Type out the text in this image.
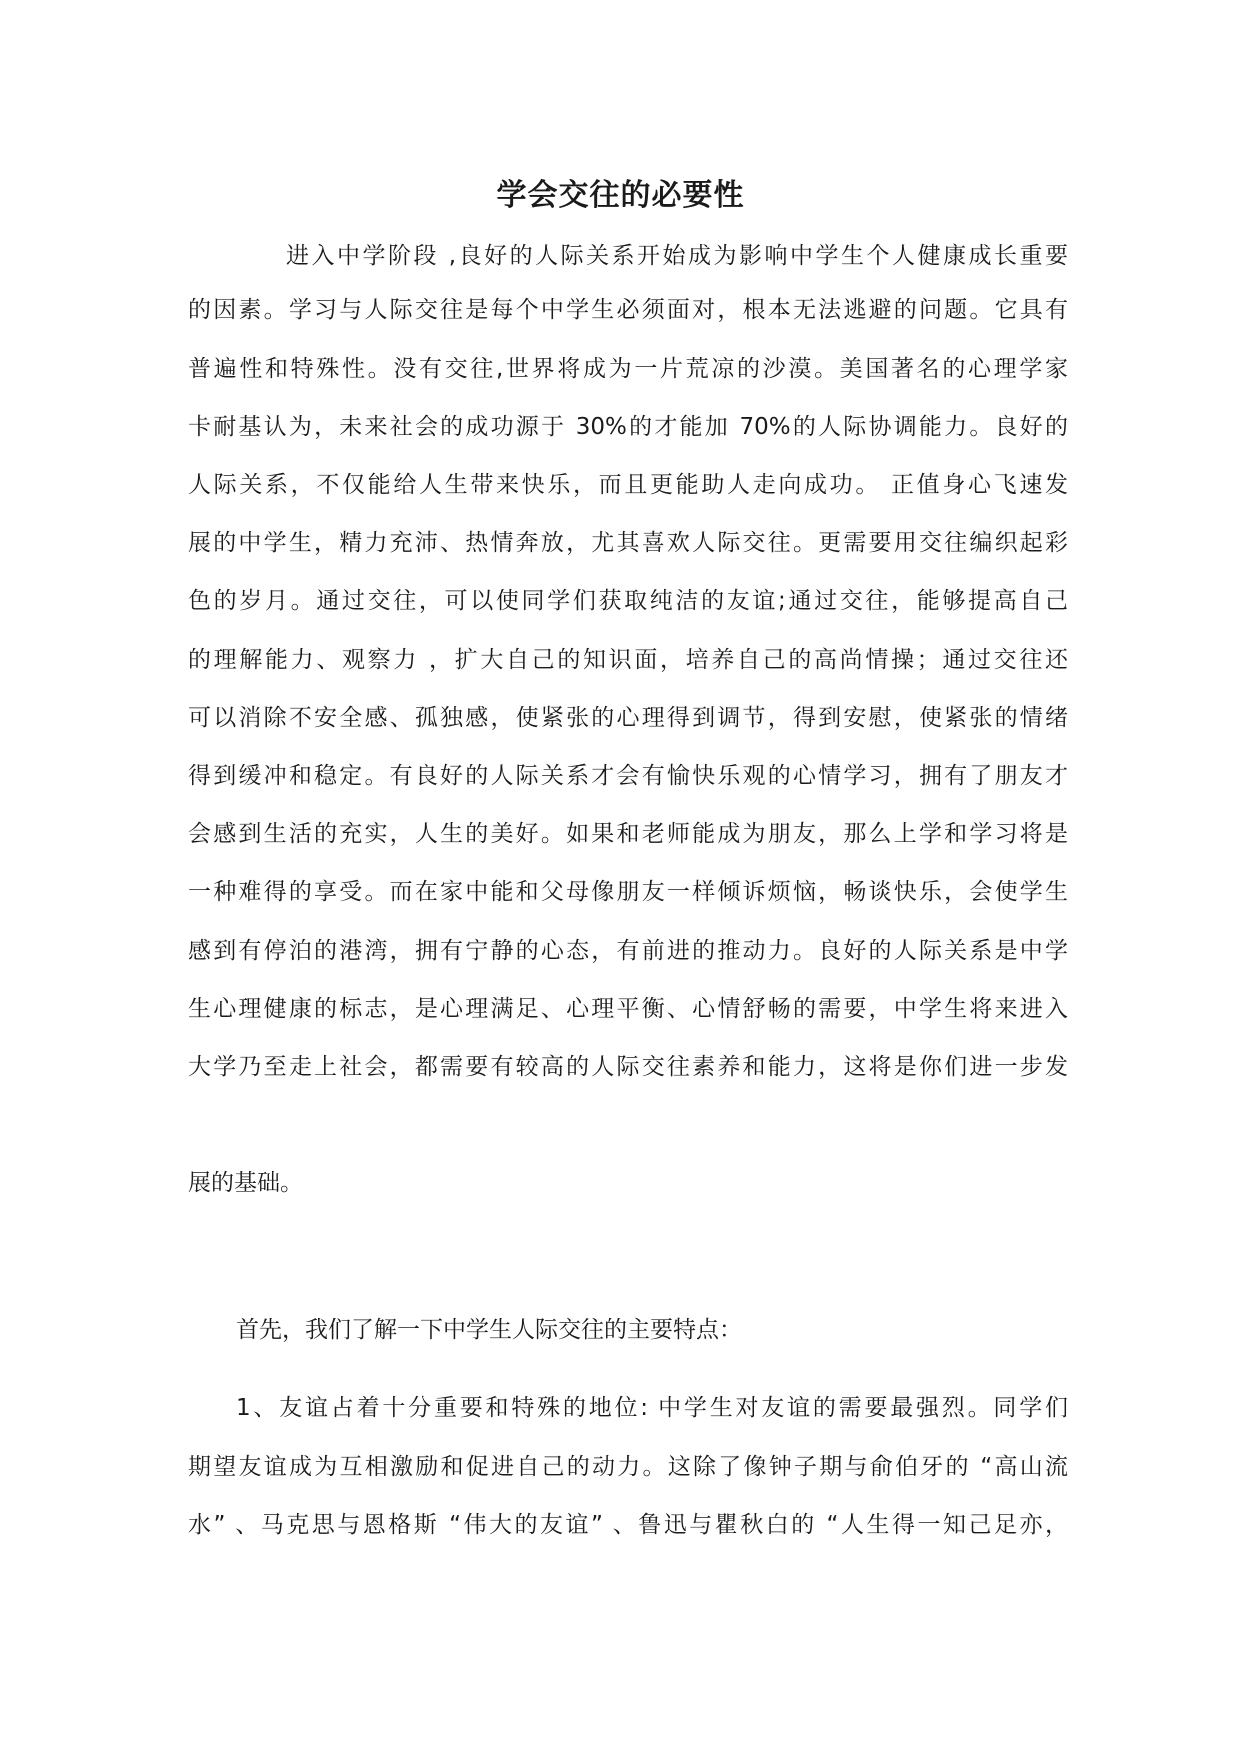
学会交往的必要性
进入中学阶段 ,良好的人际关系开始成为影响中学生个人健康成长重要
的因素。学习与人际交往是每个中学生必须面对，根本无法逃避的问题。它具有
普遍性和特殊性。没有交往,世界将成为一片荒凉的沙漠。美国著名的心理学家
卡耐基认为，未来社会的成功源于 30%的才能加 70%的人际协调能力。良好的
人际关系，不仅能给人生带来快乐，而且更能助人走向成功。 正值身心飞速发
展的中学生，精力充沛、热情奔放，尤其喜欢人际交往。更需要用交往编织起彩
色的岁月。通过交往，可以使同学们获取纯洁的友谊;通过交往，能够提高自己
的理解能力、观察力 ，扩大自己的知识面，培养自己的高尚情操；通过交往还
可以消除不安全感、孤独感，使紧张的心理得到调节，得到安慰，使紧张的情绪
得到缓冲和稳定。有良好的人际关系才会有愉快乐观的心情学习，拥有了朋友才
会感到生活的充实，人生的美好。如果和老师能成为朋友，那么上学和学习将是
一种难得的享受。而在家中能和父母像朋友一样倾诉烦恼，畅谈快乐，会使学生
感到有停泊的港湾，拥有宁静的心态，有前进的推动力。良好的人际关系是中学
生心理健康的标志，是心理满足、心理平衡、心情舒畅的需要，中学生将来进入
大学乃至走上社会，都需要有较高的人际交往素养和能力，这将是你们进一步发
展的基础。
首先，我们了解一下中学生人际交往的主要特点：
1、友谊占着十分重要和特殊的地位: 中学生对友谊的需要最强烈。同学们
期望友谊成为互相激励和促进自己的动力。这除了像钟子期与俞伯牙的 “高山流
水” 、马克思与恩格斯 “伟大的友谊” 、鲁迅与瞿秋白的 “人生得一知己足亦，
